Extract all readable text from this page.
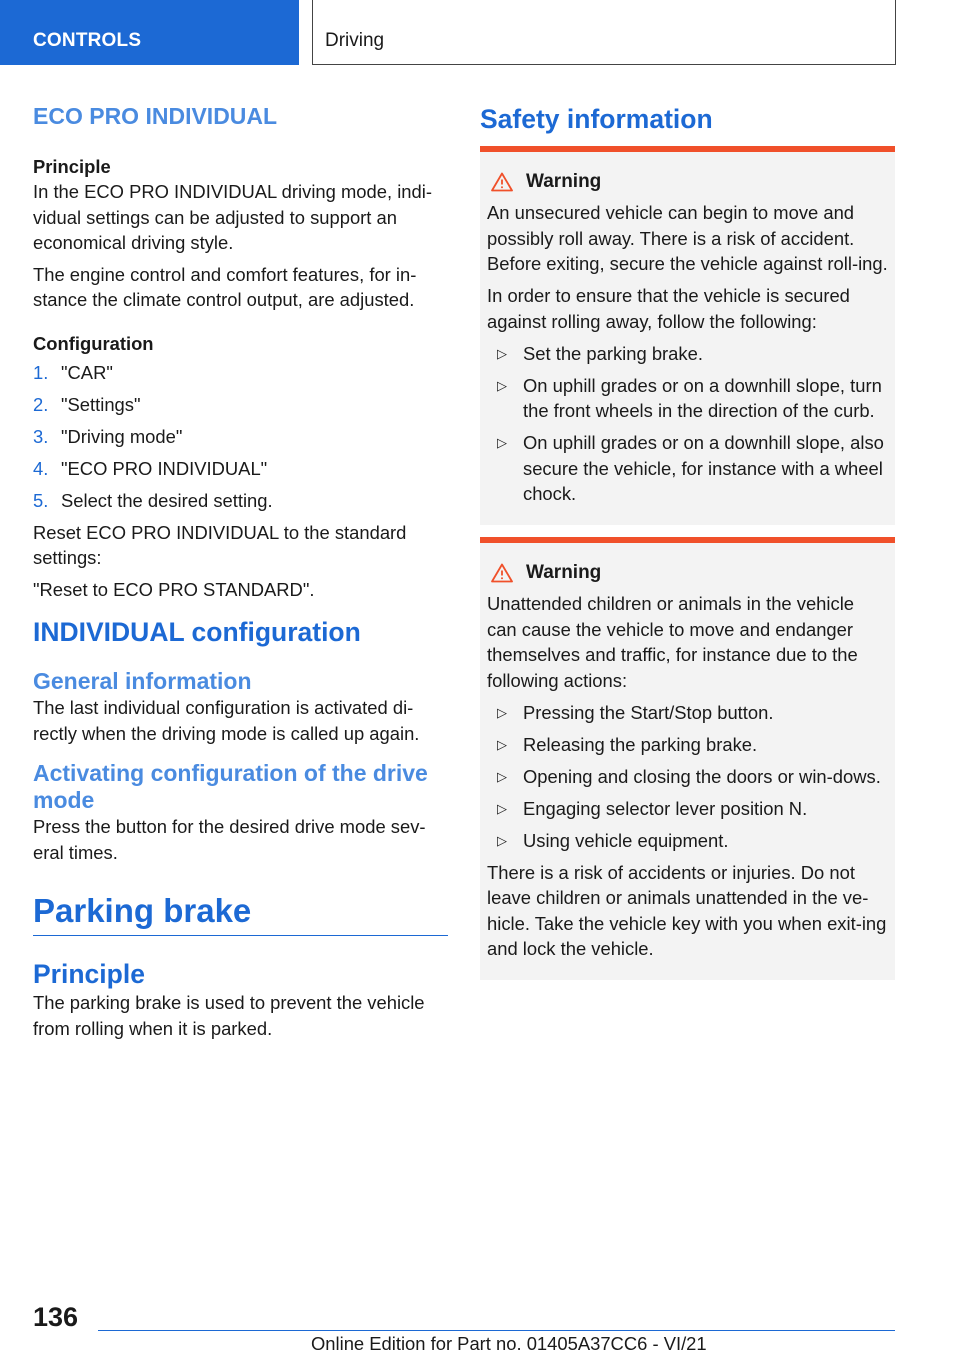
CONTROLS	Driving
ECO PRO INDIVIDUAL
Principle

In the ECO PRO INDIVIDUAL driving mode, indi-vidual settings can be adjusted to support an economical driving style.

The engine control and comfort features, for in-stance the climate control output, are adjusted.

Configuration
1. "CAR"
2. "Settings"
3. "Driving mode"
4. "ECO PRO INDIVIDUAL"
5. Select the desired setting.

Reset ECO PRO INDIVIDUAL to the standard settings:

"Reset to ECO PRO STANDARD".

INDIVIDUAL configuration
General information

The last individual configuration is activated di-rectly when the driving mode is called up again.

Activating configuration of the drive mode

Press the button for the desired drive mode sev-eral times.

Parking brake
Principle

The parking brake is used to prevent the vehicle from rolling when it is parked.

Safety information
Warning

An unsecured vehicle can begin to move and possibly roll away. There is a risk of accident. Before exiting, secure the vehicle against roll-ing.

In order to ensure that the vehicle is secured against rolling away, follow the following:

▷ Set the parking brake.
▷ On uphill grades or on a downhill slope, turn the front wheels in the direction of the curb.
▷ On uphill grades or on a downhill slope, also secure the vehicle, for instance with a wheel chock.
Warning

Unattended children or animals in the vehicle can cause the vehicle to move and endanger themselves and traffic, for instance due to the following actions:

▷ Pressing the Start/Stop button.
▷ Releasing the parking brake.
▷ Opening and closing the doors or win-dows.
▷ Engaging selector lever position N.
▷ Using vehicle equipment.

There is a risk of accidents or injuries. Do not leave children or animals unattended in the ve-hicle. Take the vehicle key with you when exit-ing and lock the vehicle.

136
Online Edition for Part no. 01405A37CC6 - VI/21
